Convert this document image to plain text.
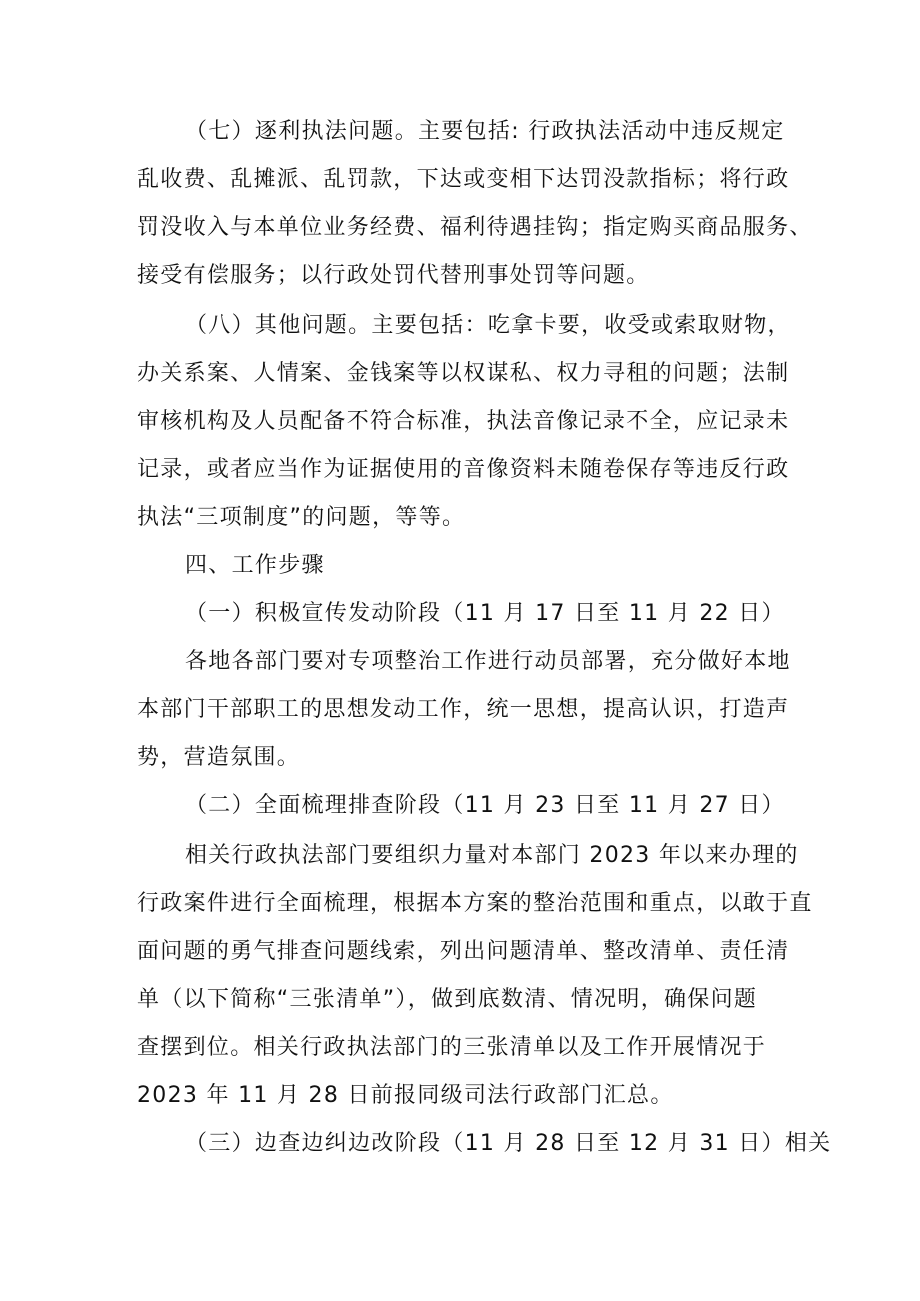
（七）逐利执法问题。主要包括: 行政执法活动中违反规定
乱收费、乱摊派、乱罚款，下达或变相下达罚没款指标；将行政
罚没收入与本单位业务经费、福利待遇挂钩；指定购买商品服务、
接受有偿服务；以行政处罚代替刑事处罚等问题。
（八）其他问题。主要包括：吃拿卡要，收受或索取财物，
办关系案、人情案、金钱案等以权谋私、权力寻租的问题；法制
审核机构及人员配备不符合标准，执法音像记录不全，应记录未
记录，或者应当作为证据使用的音像资料未随卷保存等违反行政
执法“三项制度”的问题，等等。
四、工作步骤
（一）积极宣传发动阶段（11 月 17 日至 11 月 22 日）
各地各部门要对专项整治工作进行动员部署，充分做好本地
本部门干部职工的思想发动工作，统一思想，提高认识，打造声
势，营造氛围。
（二）全面梳理排查阶段（11 月 23 日至 11 月 27 日）
相关行政执法部门要组织力量对本部门 2023 年以来办理的
行政案件进行全面梳理，根据本方案的整治范围和重点，以敢于直
面问题的勇气排查问题线索，列出问题清单、整改清单、责任清
单（以下简称“三张清单”），做到底数清、情况明，确保问题
查摆到位。相关行政执法部门的三张清单以及工作开展情况于
2023 年 11 月 28 日前报同级司法行政部门汇总。
（三）边查边纠边改阶段（11 月 28 日至 12 月 31 日）相关
